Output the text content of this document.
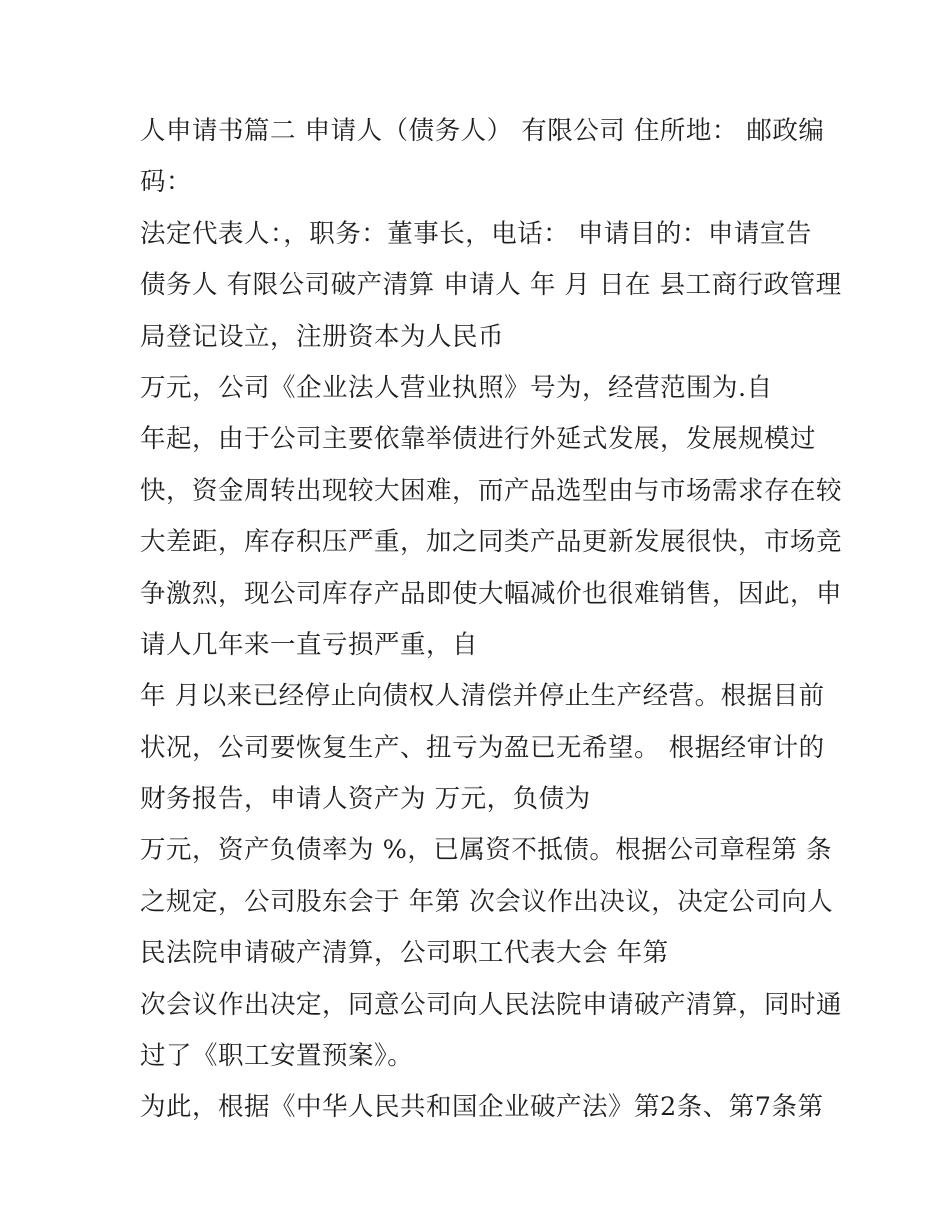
人申请书篇二 申请人（债务人） 有限公司 住所地： 邮政编
码：
法定代表人：，职务：董事长，电话： 申请目的：申请宣告
债务人 有限公司破产清算 申请人 年 月 日在 县工商行政管理
局登记设立，注册资本为人民币
万元，公司《企业法人营业执照》号为，经营范围为.自
年起，由于公司主要依靠举债进行外延式发展，发展规模过
快，资金周转出现较大困难，而产品选型由与市场需求存在较
大差距，库存积压严重，加之同类产品更新发展很快，市场竞
争激烈，现公司库存产品即使大幅减价也很难销售，因此，申
请人几年来一直亏损严重，自
年 月以来已经停止向债权人清偿并停止生产经营。根据目前
状况，公司要恢复生产、扭亏为盈已无希望。 根据经审计的
财务报告，申请人资产为 万元，负债为
万元，资产负债率为 %，已属资不抵债。根据公司章程第 条
之规定，公司股东会于 年第 次会议作出决议，决定公司向人
民法院申请破产清算，公司职工代表大会 年第
次会议作出决定，同意公司向人民法院申请破产清算，同时通
过了《职工安置预案》。
为此，根据《中华人民共和国企业破产法》第2条、第7条第
